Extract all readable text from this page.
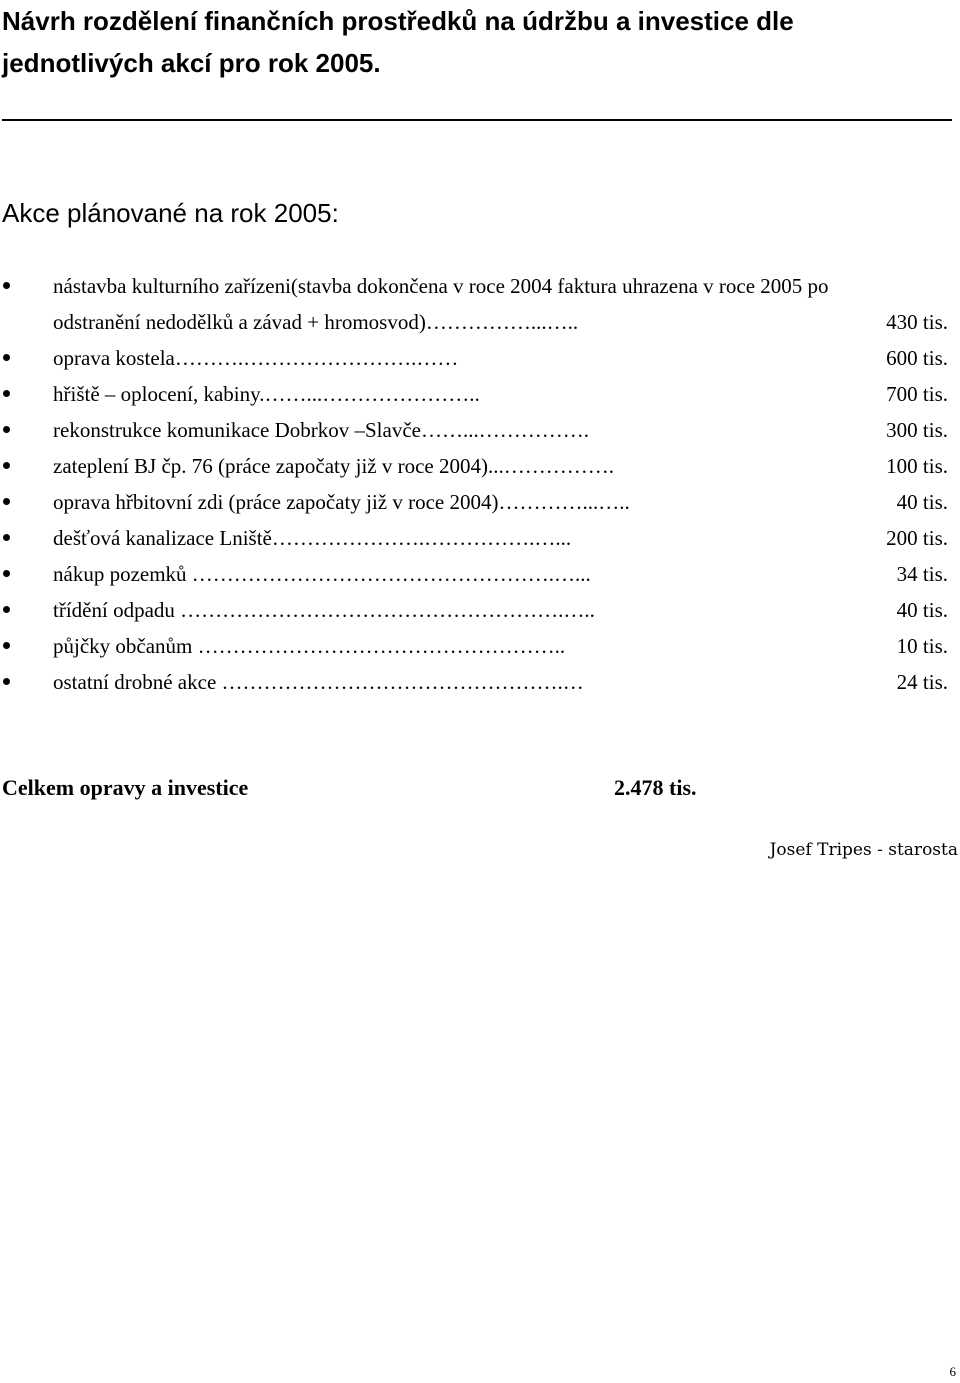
Návrh rozdělení finančních prostředků na údržbu a investice dle jednotlivých akcí pro rok 2005.
Akce plánované na rok 2005:
nástavba kulturního zařízeni(stavba dokončena v roce 2004 faktura uhrazena v roce 2005 po odstranění nedodělků a závad + hromosvod)……………...…..	430 tis.
oprava kostela……….…………………….……	600 tis.
hřiště – oplocení, kabiny.……...…………………..	700 tis.
rekonstrukce komunikace Dobrkov –Slavče……...…………….	300 tis.
zateplení BJ čp. 76 (práce započaty již v roce 2004)...…………….	100 tis.
oprava hřbitovní zdi (práce započaty již v roce 2004)…………...…..	40 tis.
dešťová kanalizace Lniště………………….…………….…...	200 tis.
nákup pozemků …………………………………………….…...	34 tis.
třídění odpadu ……………………………………………….…..	40 tis.
půjčky občanům ……………………………………………..	10 tis.
ostatní drobné akce ………………………………………….…	24 tis.
Celkem opravy a investice	2.478 tis.
Josef Tripes - starosta
6
